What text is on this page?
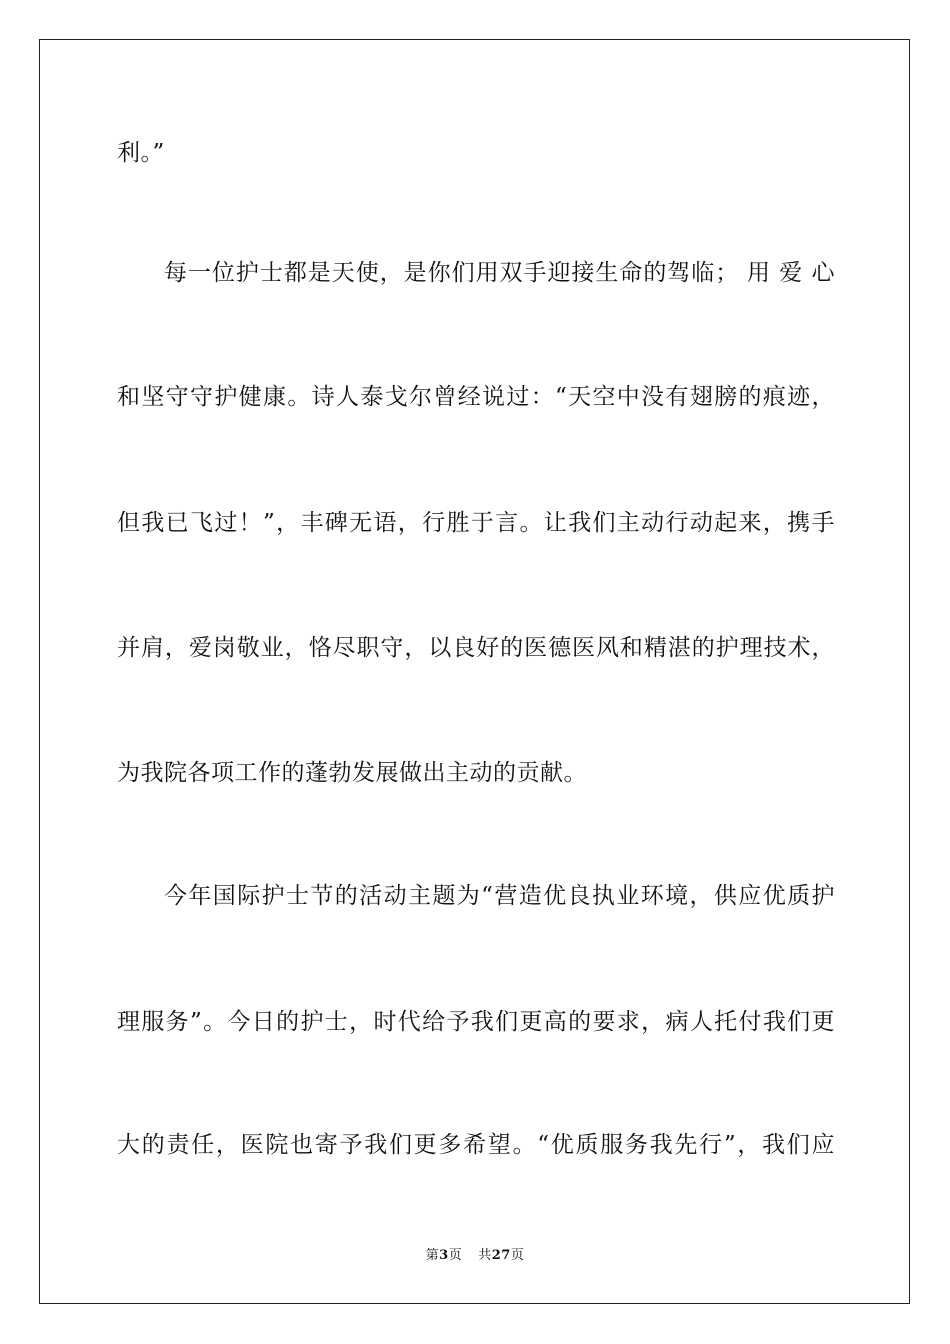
利。”
每一位护士都是天使，是你们用双手迎接生命的驾临； 用 爱 心
和坚守守护健康。诗人泰戈尔曾经说过：“天空中没有翅膀的痕迹，
但我已飞过！”，丰碑无语，行胜于言。让我们主动行动起来，携手
并肩，爱岗敬业，恪尽职守，以良好的医德医风和精湛的护理技术，
为我院各项工作的蓬勃发展做出主动的贡献。
今年国际护士节的活动主题为“营造优良执业环境，供应优质护
理服务”。今日的护士，时代给予我们更高的要求，病人托付我们更
大的责任，医院也寄予我们更多希望。“优质服务我先行”，我们应
第3页 共27页
